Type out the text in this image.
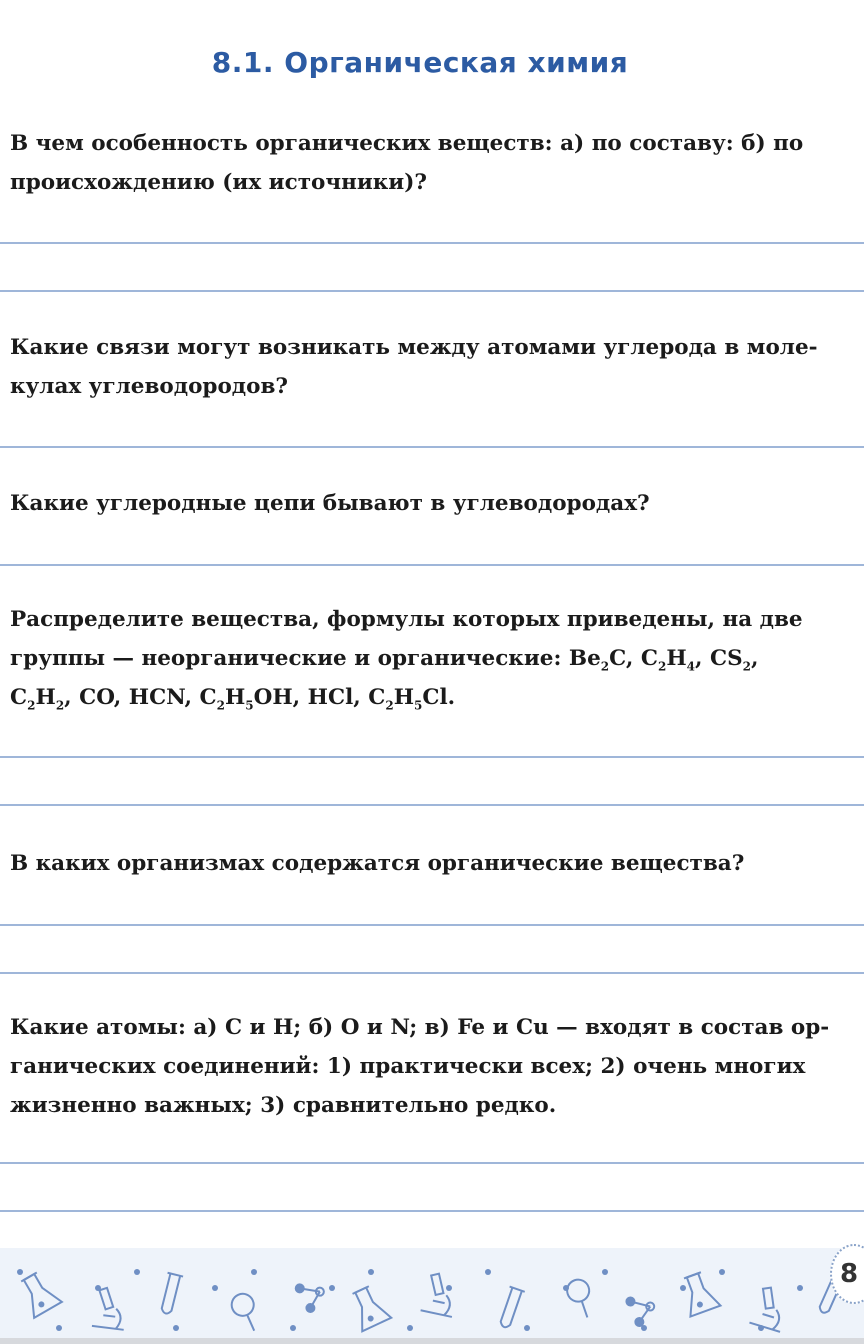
8.1. Органическая химия

В чем особенность органических веществ: а) по составу: б) по
происхождению (их источники)?

Какие связи могут возникать между атомами углерода в моле-
кулах углеводородов?

Какие углеродные цепи бывают в углеводородах?

Распределите вещества, формулы которых приведены, на две
группы — неорганические и органические: $Be_2C$, $C_2H_4$, $CS_2$,
$C_2H_2$, CO, HCN, $C_2H_5OH$, HCl, $C_2H_5Cl$.

В каких организмах содержатся органические вещества?

Какие атомы: а) С и Н; б) О и N; в) Fe и Cu — входят в состав ор-
ганических соединений: 1) практически всех; 2) очень многих
жизненно важных; 3) сравнительно редко.

8
